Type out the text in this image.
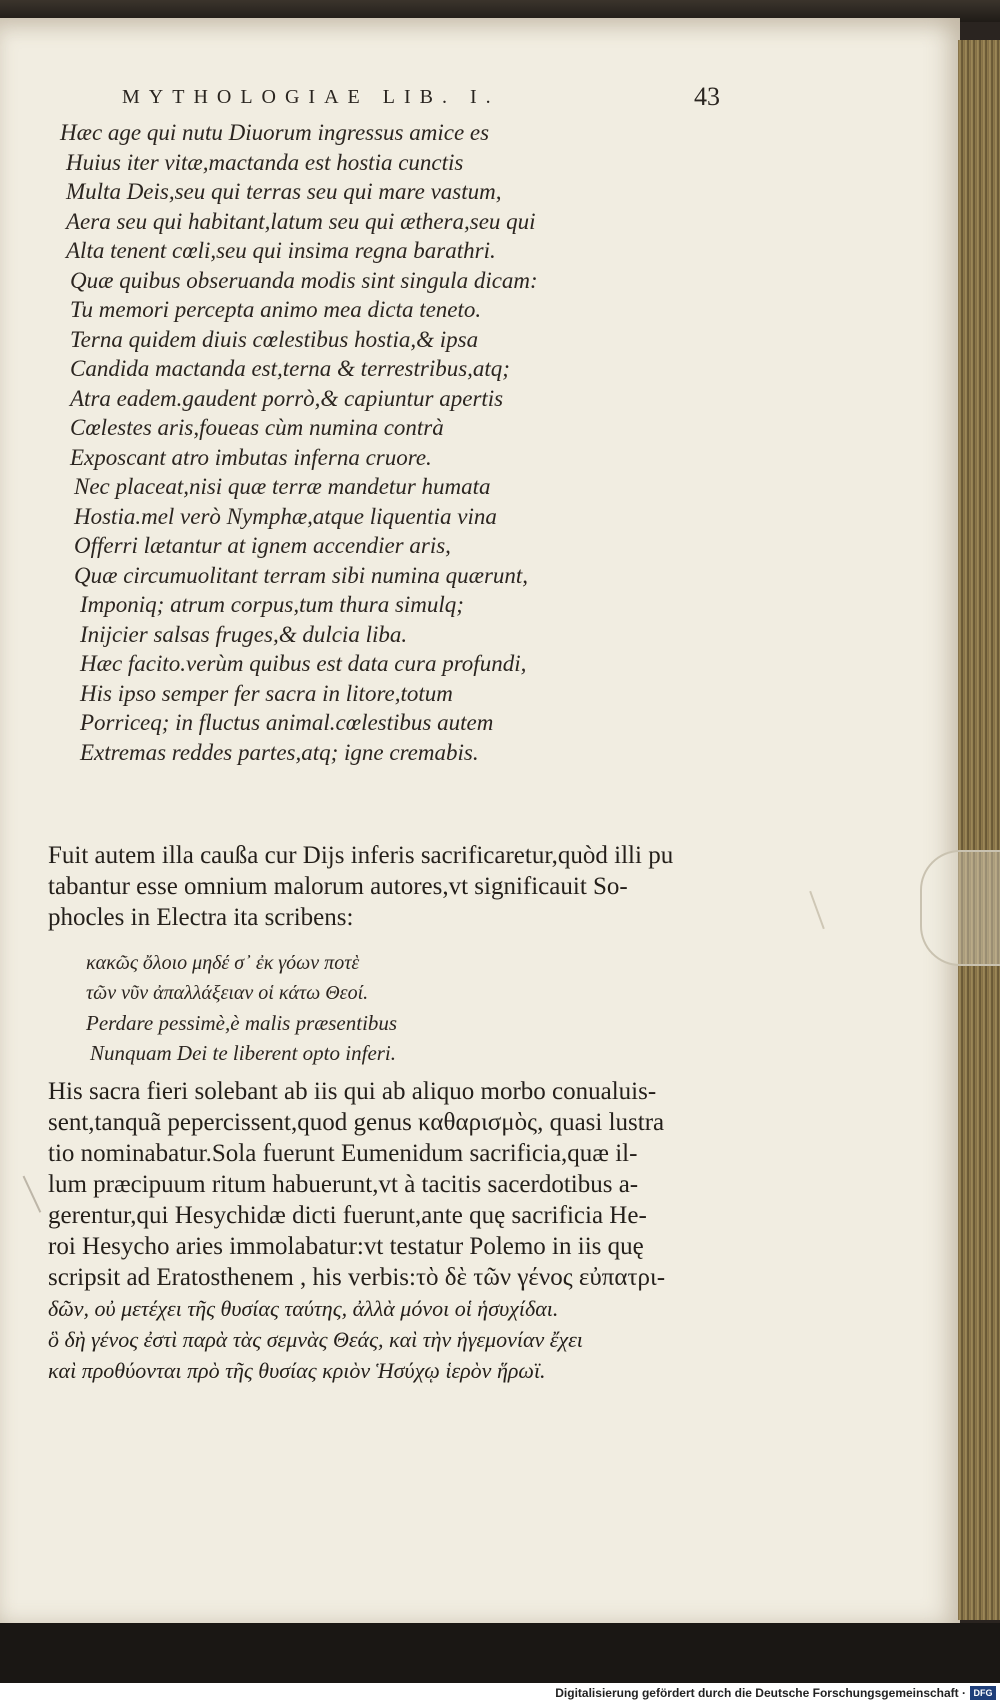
MYTHOLOGIAE LIB. I.	43
Hæc age qui nutu Diuorum ingressus amice es
Huius iter vitæ,mactanda est hostia cunctis
Multa Deis,seu qui terras seu qui mare vastum,
Aera seu qui habitant,latum seu qui æthera,seu qui
Alta tenent cœli,seu qui insima regna barathri.
Quæ quibus obseruanda modis sint singula dicam:
Tu memori percepta animo mea dicta teneto.
Terna quidem diuis cœlestibus hostia,& ipsa
Candida mactanda est,terna & terrestribus,atq;
Atra eadem.gaudent porrò,& capiuntur apertis
Cœlestes aris,foueas cùm numina contrà
Exposcant atro imbutas inferna cruore.
Nec placeat,nisi quæ terræ mandetur humata
Hostia.mel verò Nymphæ,atque liquentia vina
Offerri lætantur at ignem accendier aris,
Quæ circumuolitant terram sibi numina quærunt,
Imponiq; atrum corpus,tum thura simulq;
Inijcier salsas fruges,& dulcia liba.
Hæc facito.verùm quibus est data cura profundi,
His ipso semper fer sacra in litore,totum
Porriceq; in fluctus animal.cœlestibus autem
Extremas reddes partes,atq; igne cremabis.
Fuit autem illa caußa cur Dijs inferis sacrificaretur,quòd illi pu
tabantur esse omnium malorum autores,vt significauit So-
phocles in Electra ita scribens:
κακῶς ὄλοιο μηδέ σ᾽ ἐκ γόων ποτὲ
τῶν νῦν ἀπαλλάξειαν οἱ κάτω Θεοί.
Perdare pessimè,è malis præsentibus
Nunquam Dei te liberent opto inferi.
His sacra fieri solebant ab iis qui ab aliquo morbo conualuis-
sent,tanquã pepercissent,quod genus καθαρισμὸς, quasi lustra
tio nominabatur.Sola fuerunt Eumenidum sacrificia,quæ il-
lum præcipuum ritum habuerunt,vt à tacitis sacerdotibus a-
gerentur,qui Hesychidæ dicti fuerunt,ante quę sacrificia He-
roi Hesycho aries immolabatur:vt testatur Polemo in iis quę
scripsit ad Eratosthenem , his verbis:τὸ δὲ τῶν γένος εὐπατρι-
δῶν, οὐ μετέχει τῆς θυσίας ταύτης, ἀλλὰ μόνοι οἱ ἡσυχίδαι.
ὃ δὴ γένος ἐστὶ παρὰ τὰς σεμνὰς Θεάς, καὶ τὴν ἡγεμονίαν ἔχει
καὶ προθύονται πρὸ τῆς θυσίας κριὸν Ἡσύχῳ ἱερὸν ἥρωϊ.
Digitalisierung gefördert durch die Deutsche Forschungsgemeinschaft · DFG
